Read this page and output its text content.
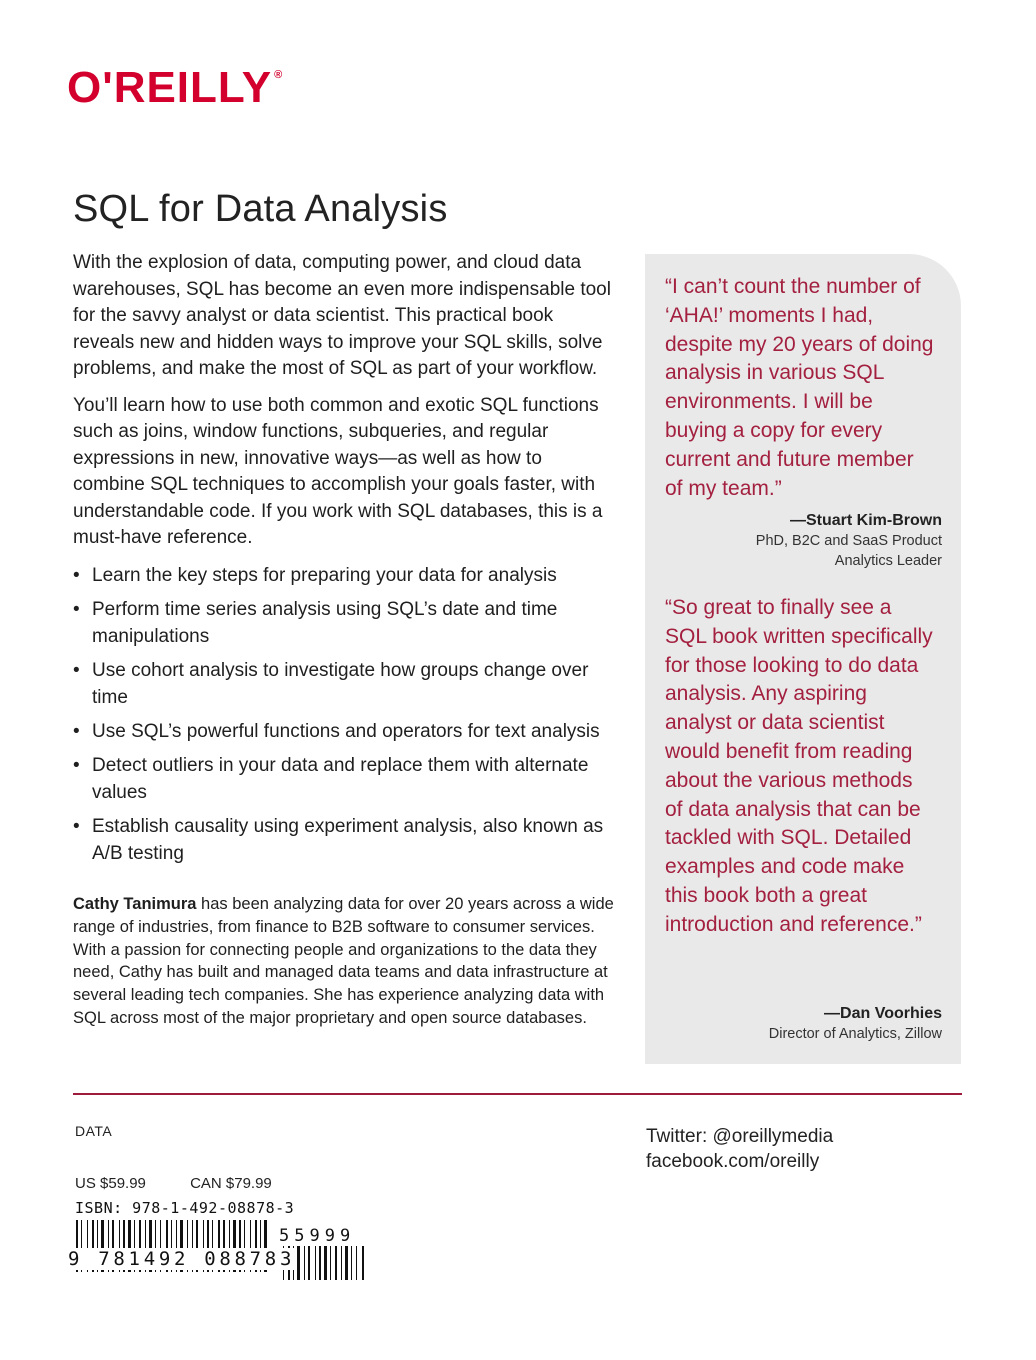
O'REILLY ®
SQL for Data Analysis

With the explosion of data, computing power, and cloud data warehouses, SQL has become an even more indispensable tool for the savvy analyst or data scientist. This practical book reveals new and hidden ways to improve your SQL skills, solve problems, and make the most of SQL as part of your workflow.

You’ll learn how to use both common and exotic SQL functions such as joins, window functions, subqueries, and regular expressions in new, innovative ways—as well as how to combine SQL techniques to accomplish your goals faster, with understandable code. If you work with SQL databases, this is a must-have reference.

• Learn the key steps for preparing your data for analysis
• Perform time series analysis using SQL’s date and time manipulations
• Use cohort analysis to investigate how groups change over time
• Use SQL’s powerful functions and operators for text analysis
• Detect outliers in your data and replace them with alternate values
• Establish causality using experiment analysis, also known as A/B testing

Cathy Tanimura has been analyzing data for over 20 years across a wide range of industries, from finance to B2B software to consumer services. With a passion for connecting people and organizations to the data they need, Cathy has built and managed data teams and data infrastructure at several leading tech companies. She has experience analyzing data with SQL across most of the major proprietary and open source databases.

“I can’t count the number of ‘AHA!’ moments I had, despite my 20 years of doing analysis in various SQL environments. I will be buying a copy for every current and future member of my team.”

—Stuart Kim-Brown
PhD, B2C and SaaS Product
Analytics Leader

“So great to finally see a SQL book written specifically for those looking to do data analysis. Any aspiring analyst or data scientist would benefit from reading about the various methods of data analysis that can be tackled with SQL. Detailed examples and code make this book both a great introduction and reference.”

—Dan Voorhies
Director of Analytics, Zillow
DATA
US $59.99	CAN $79.99
ISBN: 978-1-492-08878-3
55999
9 781492 088783
Twitter: @oreillymedia
facebook.com/oreilly
